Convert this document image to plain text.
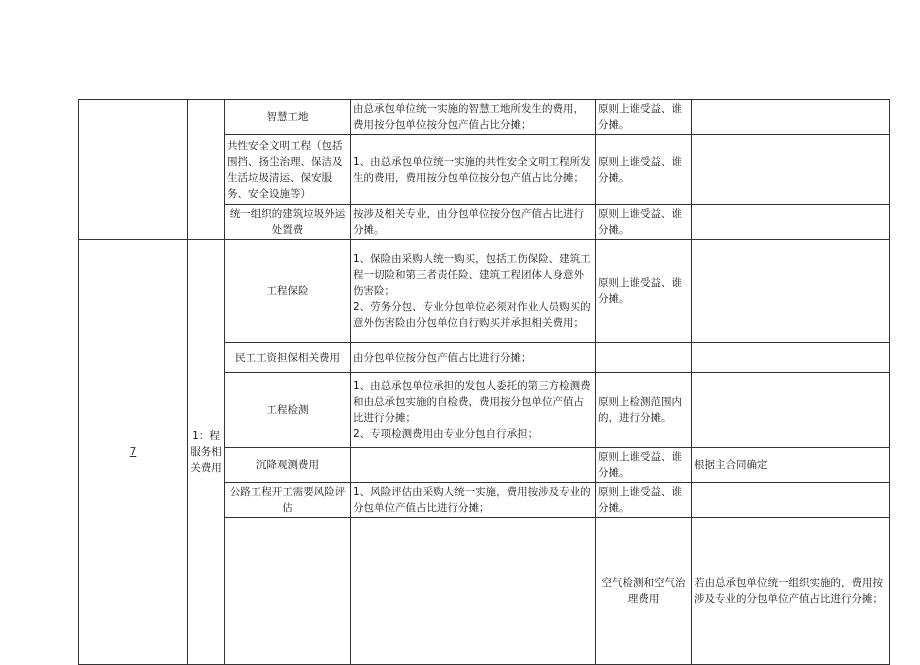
		智慧工地	由总承包单位统一实施的智慧工地所发生的费用，费用按分包单位按分包产值占比分摊；	原则上谁受益、谁分摊。		
		共性安全文明工程（包括围挡、扬尘治理、保洁及生活垃圾清运、保安服务、安全设施等）	1、由总承包单位统一实施的共性安全文明工程所发生的费用，费用按分包单位按分包产值占比分摊；	原则上谁受益、谁分摊。		
		统一组织的建筑垃圾外运处置费	按涉及相关专业，由分包单位按分包产值占比进行分摊。	原则上谁受益、谁分摊。		
7	1：程服务相关费用	工程保险	1、保险由采购人统一购买，包括工伤保险、建筑工程一切险和第三者责任险、建筑工程团体人身意外伤害险；
2、劳务分包、专业分包单位必须对作业人员购买的意外伤害险由分包单位自行购买并承担相关费用；	原则上谁受益、谁分摊。		
		民工工资担保相关费用	由分包单位按分包产值占比进行分摊；			

		工程检测	1、由总承包单位承担的发包人委托的第三方检测费和由总承包实施的自检费，费用按分包单位产值占比进行分摊；
2、专项检测费用由专业分包自行承担；	原则上检测范围内的，进行分摊。		
		沉降观测费用		原则上谁受益、谁分摊。	根据主合同确定	
		公路工程开工需要风险评估	1、风险评估由采购人统一实施，费用按涉及专业的分包单位产值占比进行分摊；	原则上谁受益、谁分摊。		
				空气检测和空气治理费用	若由总承包单位统一组织实施的，费用按涉及专业的分包单位产值占比进行分摊；
